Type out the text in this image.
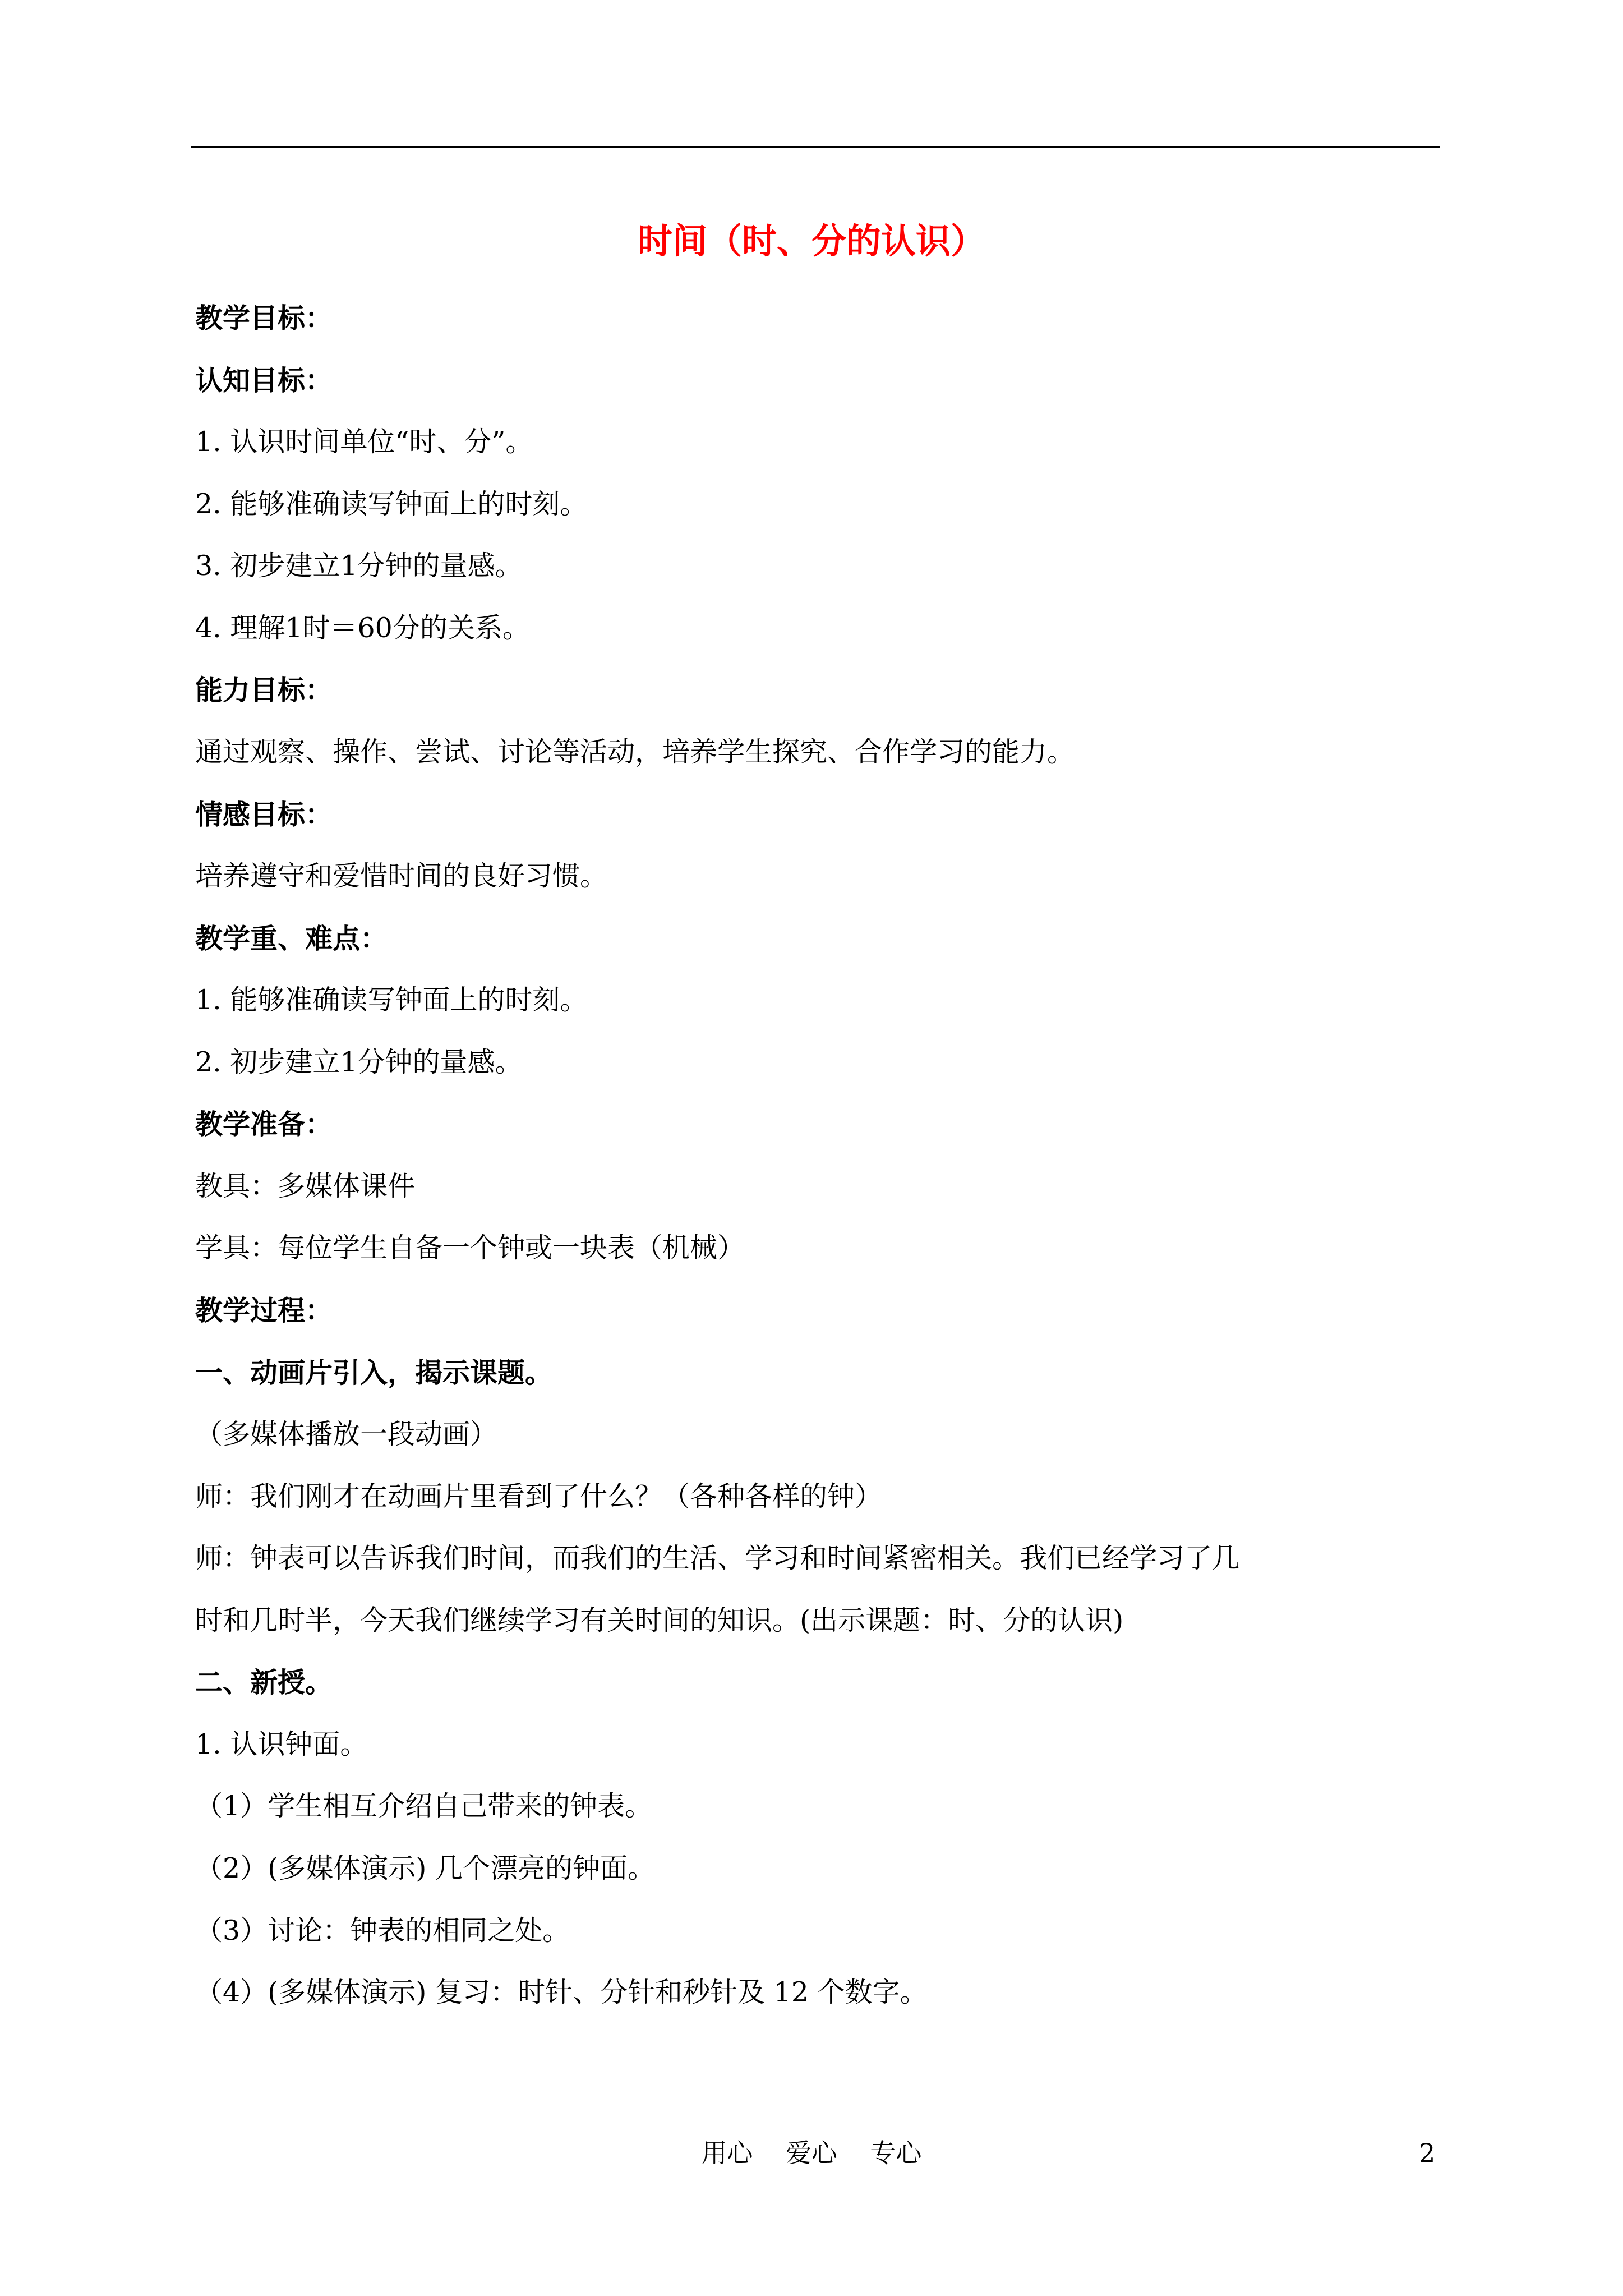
时间（时、分的认识）
教学目标：
认知目标：
1. 认识时间单位“时、分”。
2. 能够准确读写钟面上的时刻。
3. 初步建立1分钟的量感。
4. 理解1时＝60分的关系。
能力目标：
通过观察、操作、尝试、讨论等活动，培养学生探究、合作学习的能力。
情感目标：
培养遵守和爱惜时间的良好习惯。
教学重、难点：
1. 能够准确读写钟面上的时刻。
2. 初步建立1分钟的量感。
教学准备：
教具：多媒体课件
学具：每位学生自备一个钟或一块表（机械）
教学过程：
一、动画片引入，揭示课题。
（多媒体播放一段动画）
师：我们刚才在动画片里看到了什么？（各种各样的钟）
师：钟表可以告诉我们时间，而我们的生活、学习和时间紧密相关。我们已经学习了几
时和几时半，今天我们继续学习有关时间的知识。(出示课题：时、分的认识)
二、新授。
1. 认识钟面。
（1）学生相互介绍自己带来的钟表。
（2）(多媒体演示) 几个漂亮的钟面。
（3）讨论：钟表的相同之处。
（4）(多媒体演示) 复习：时针、分针和秒针及 12 个数字。
用心    爱心    专心	2
